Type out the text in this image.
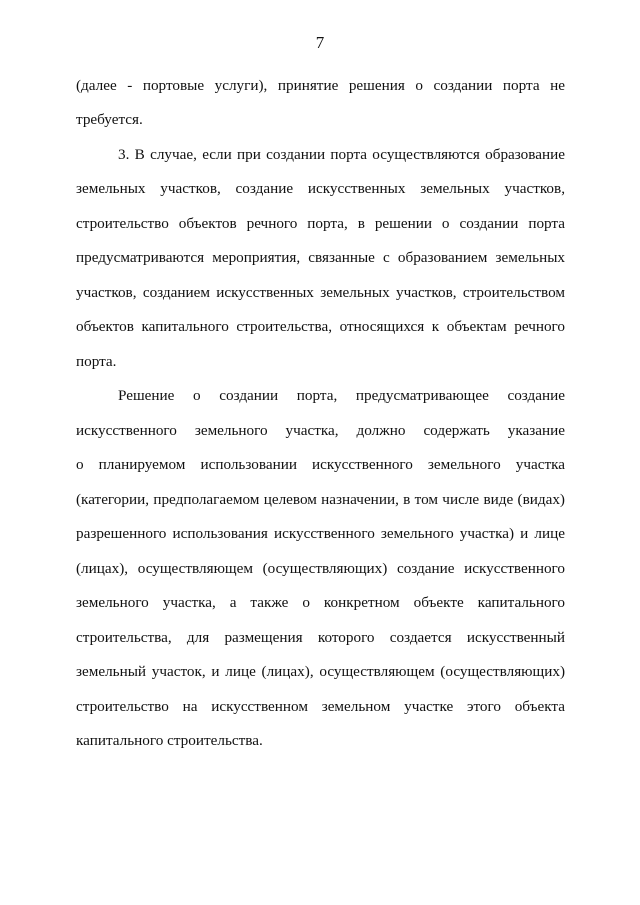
7
(далее - портовые услуги), принятие решения о создании порта не
требуется.
3. В случае, если при создании порта осуществляются образование
земельных участков, создание искусственных земельных участков,
строительство объектов речного порта, в решении о создании порта
предусматриваются мероприятия, связанные с образованием земельных
участков, созданием искусственных земельных участков, строительством
объектов капитального строительства, относящихся к объектам речного
порта.
Решение о создании порта, предусматривающее создание
искусственного земельного участка, должно содержать указание
о планируемом использовании искусственного земельного участка
(категории, предполагаемом целевом назначении, в том числе виде (видах)
разрешенного использования искусственного земельного участка) и лице
(лицах), осуществляющем (осуществляющих) создание искусственного
земельного участка, а также о конкретном объекте капитального
строительства, для размещения которого создается искусственный
земельный участок, и лице (лицах), осуществляющем (осуществляющих)
строительство на искусственном земельном участке этого объекта
капитального строительства.
